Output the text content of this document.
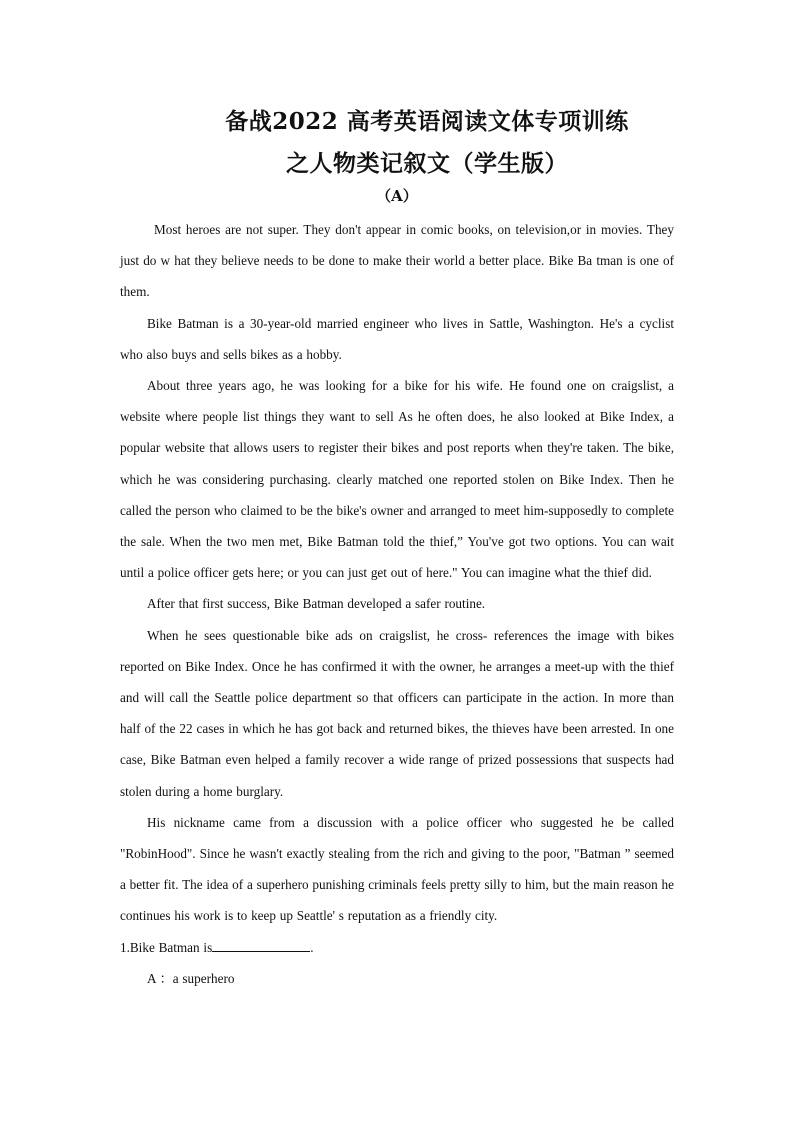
备战2022 高考英语阅读文体专项训练
之人物类记叙文（学生版）
（A）

Most heroes are not super. They don't appear in comic books, on television,or in movies. They just do w hat they believe needs to be done to make their world a better place. Bike Ba tman is one of them.

Bike Batman is a 30-year-old married engineer who lives in Sattle, Washington. He's a cyclist who also buys and sells bikes as a hobby.

About three years ago, he was looking for a bike for his wife. He found one on craigslist, a website where people list things they want to sell As he often does, he also looked at Bike Index, a popular website that allows users to register their bikes and post reports when they're taken. The bike, which he was considering purchasing. clearly matched one reported stolen on Bike Index. Then he called the person who claimed to be the bike's owner and arranged to meet him-supposedly to complete the sale. When the two men met, Bike Batman told the thief,” You've got two options. You can wait until a police officer gets here; or you can just get out of here." You can imagine what the thief did.

After that first success, Bike Batman developed a safer routine.

When he sees questionable bike ads on craigslist, he cross- references the image with bikes reported on Bike Index. Once he has confirmed it with the owner, he arranges a meet-up with the thief and will call the Seattle police department so that officers can participate in the action. In more than half of the 22 cases in which he has got back and returned bikes, the thieves have been arrested. In one case, Bike Batman even helped a family recover a wide range of prized possessions that suspects had stolen during a home burglary.

His nickname came from a discussion with a police officer who suggested he be called "RobinHood". Since he wasn't exactly stealing from the rich and giving to the poor, "Batman ” seemed a better fit. The idea of a superhero punishing criminals feels pretty silly to him, but the main reason he continues his work is to keep up Seattle' s reputation as a friendly city.

1.Bike Batman is	.
A ：a superhero
